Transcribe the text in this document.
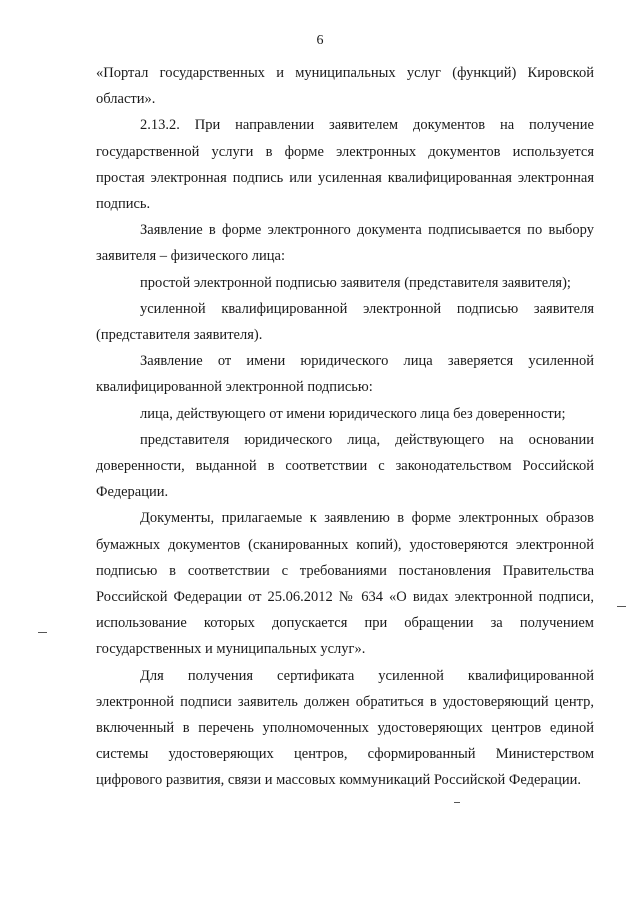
6

«Портал государственных и муниципальных услуг (функций) Кировской области».

2.13.2. При направлении заявителем документов на получение государственной услуги в форме электронных документов используется простая электронная подпись или усиленная квалифицированная электронная подпись.

Заявление в форме электронного документа подписывается по выбору заявителя – физического лица:

простой электронной подписью заявителя (представителя заявителя);

усиленной квалифицированной электронной подписью заявителя (представителя заявителя).

Заявление от имени юридического лица заверяется усиленной квалифицированной электронной подписью:

лица, действующего от имени юридического лица без доверенности;

представителя юридического лица, действующего на основании доверенности, выданной в соответствии с законодательством Российской Федерации.

Документы, прилагаемые к заявлению в форме электронных образов бумажных документов (сканированных копий), удостоверяются электронной подписью в соответствии с требованиями постановления Правительства Российской Федерации от 25.06.2012 № 634 «О видах электронной подписи, использование которых допускается при обращении за получением государственных и муниципальных услуг».

Для получения сертификата усиленной квалифицированной электронной подписи заявитель должен обратиться в удостоверяющий центр, включенный в перечень уполномоченных удостоверяющих центров единой системы удостоверяющих центров, сформированный Министерством цифрового развития, связи и массовых коммуникаций Российской Федерации.
